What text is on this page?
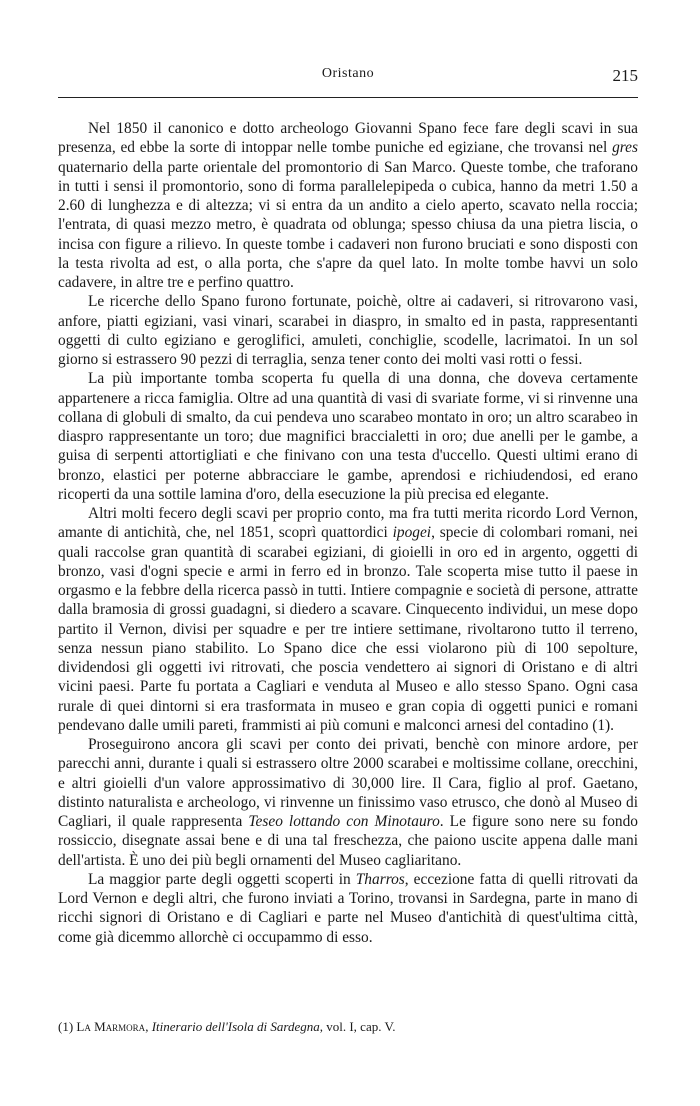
Oristano	215

Nel 1850 il canonico e dotto archeologo Giovanni Spano fece fare degli scavi in sua presenza, ed ebbe la sorte di intoppar nelle tombe puniche ed egiziane, che trovansi nel gres quaternario della parte orientale del promontorio di San Marco. Queste tombe, che traforano in tutti i sensi il promontorio, sono di forma parallelepipeda o cubica, hanno da metri 1.50 a 2.60 di lunghezza e di altezza; vi si entra da un andito a cielo aperto, scavato nella roccia; l'entrata, di quasi mezzo metro, è quadrata od oblunga; spesso chiusa da una pietra liscia, o incisa con figure a rilievo. In queste tombe i cadaveri non furono bruciati e sono disposti con la testa rivolta ad est, o alla porta, che s'apre da quel lato. In molte tombe havvi un solo cadavere, in altre tre e perfino quattro.

Le ricerche dello Spano furono fortunate, poichè, oltre ai cadaveri, si ritrovarono vasi, anfore, piatti egiziani, vasi vinari, scarabei in diaspro, in smalto ed in pasta, rappresentanti oggetti di culto egiziano e geroglifici, amuleti, conchiglie, scodelle, lacrimatoi. In un sol giorno si estrassero 90 pezzi di terraglia, senza tener conto dei molti vasi rotti o fessi.

La più importante tomba scoperta fu quella di una donna, che doveva certamente appartenere a ricca famiglia. Oltre ad una quantità di vasi di svariate forme, vi si rinvenne una collana di globuli di smalto, da cui pendeva uno scarabeo montato in oro; un altro scarabeo in diaspro rappresentante un toro; due magnifici braccialetti in oro; due anelli per le gambe, a guisa di serpenti attortigliati e che finivano con una testa d'uccello. Questi ultimi erano di bronzo, elastici per poterne abbracciare le gambe, aprendosi e richiudendosi, ed erano ricoperti da una sottile lamina d'oro, della esecuzione la più precisa ed elegante.

Altri molti fecero degli scavi per proprio conto, ma fra tutti merita ricordo Lord Vernon, amante di antichità, che, nel 1851, scoprì quattordici ipogei, specie di colombari romani, nei quali raccolse gran quantità di scarabei egiziani, di gioielli in oro ed in argento, oggetti di bronzo, vasi d'ogni specie e armi in ferro ed in bronzo. Tale scoperta mise tutto il paese in orgasmo e la febbre della ricerca passò in tutti. Intiere compagnie e società di persone, attratte dalla bramosia di grossi guadagni, si diedero a scavare. Cinquecento individui, un mese dopo partito il Vernon, divisi per squadre e per tre intiere settimane, rivoltarono tutto il terreno, senza nessun piano stabilito. Lo Spano dice che essi violarono più di 100 sepolture, dividendosi gli oggetti ivi ritrovati, che poscia vendettero ai signori di Oristano e di altri vicini paesi. Parte fu portata a Cagliari e venduta al Museo e allo stesso Spano. Ogni casa rurale di quei dintorni si era trasformata in museo e gran copia di oggetti punici e romani pendevano dalle umili pareti, frammisti ai più comuni e malconci arnesi del contadino (1).

Proseguirono ancora gli scavi per conto dei privati, benchè con minore ardore, per parecchi anni, durante i quali si estrassero oltre 2000 scarabei e moltissime collane, orecchini, e altri gioielli d'un valore approssimativo di 30,000 lire. Il Cara, figlio al prof. Gaetano, distinto naturalista e archeologo, vi rinvenne un finissimo vaso etrusco, che donò al Museo di Cagliari, il quale rappresenta Teseo lottando con Minotauro. Le figure sono nere su fondo rossiccio, disegnate assai bene e di una tal freschezza, che paiono uscite appena dalle mani dell'artista. È uno dei più begli ornamenti del Museo cagliaritano.

La maggior parte degli oggetti scoperti in Tharros, eccezione fatta di quelli ritrovati da Lord Vernon e degli altri, che furono inviati a Torino, trovansi in Sardegna, parte in mano di ricchi signori di Oristano e di Cagliari e parte nel Museo d'antichità di quest'ultima città, come già dicemmo allorchè ci occupammo di esso.

(1) La Marmora, Itinerario dell'Isola di Sardegna, vol. I, cap. V.
